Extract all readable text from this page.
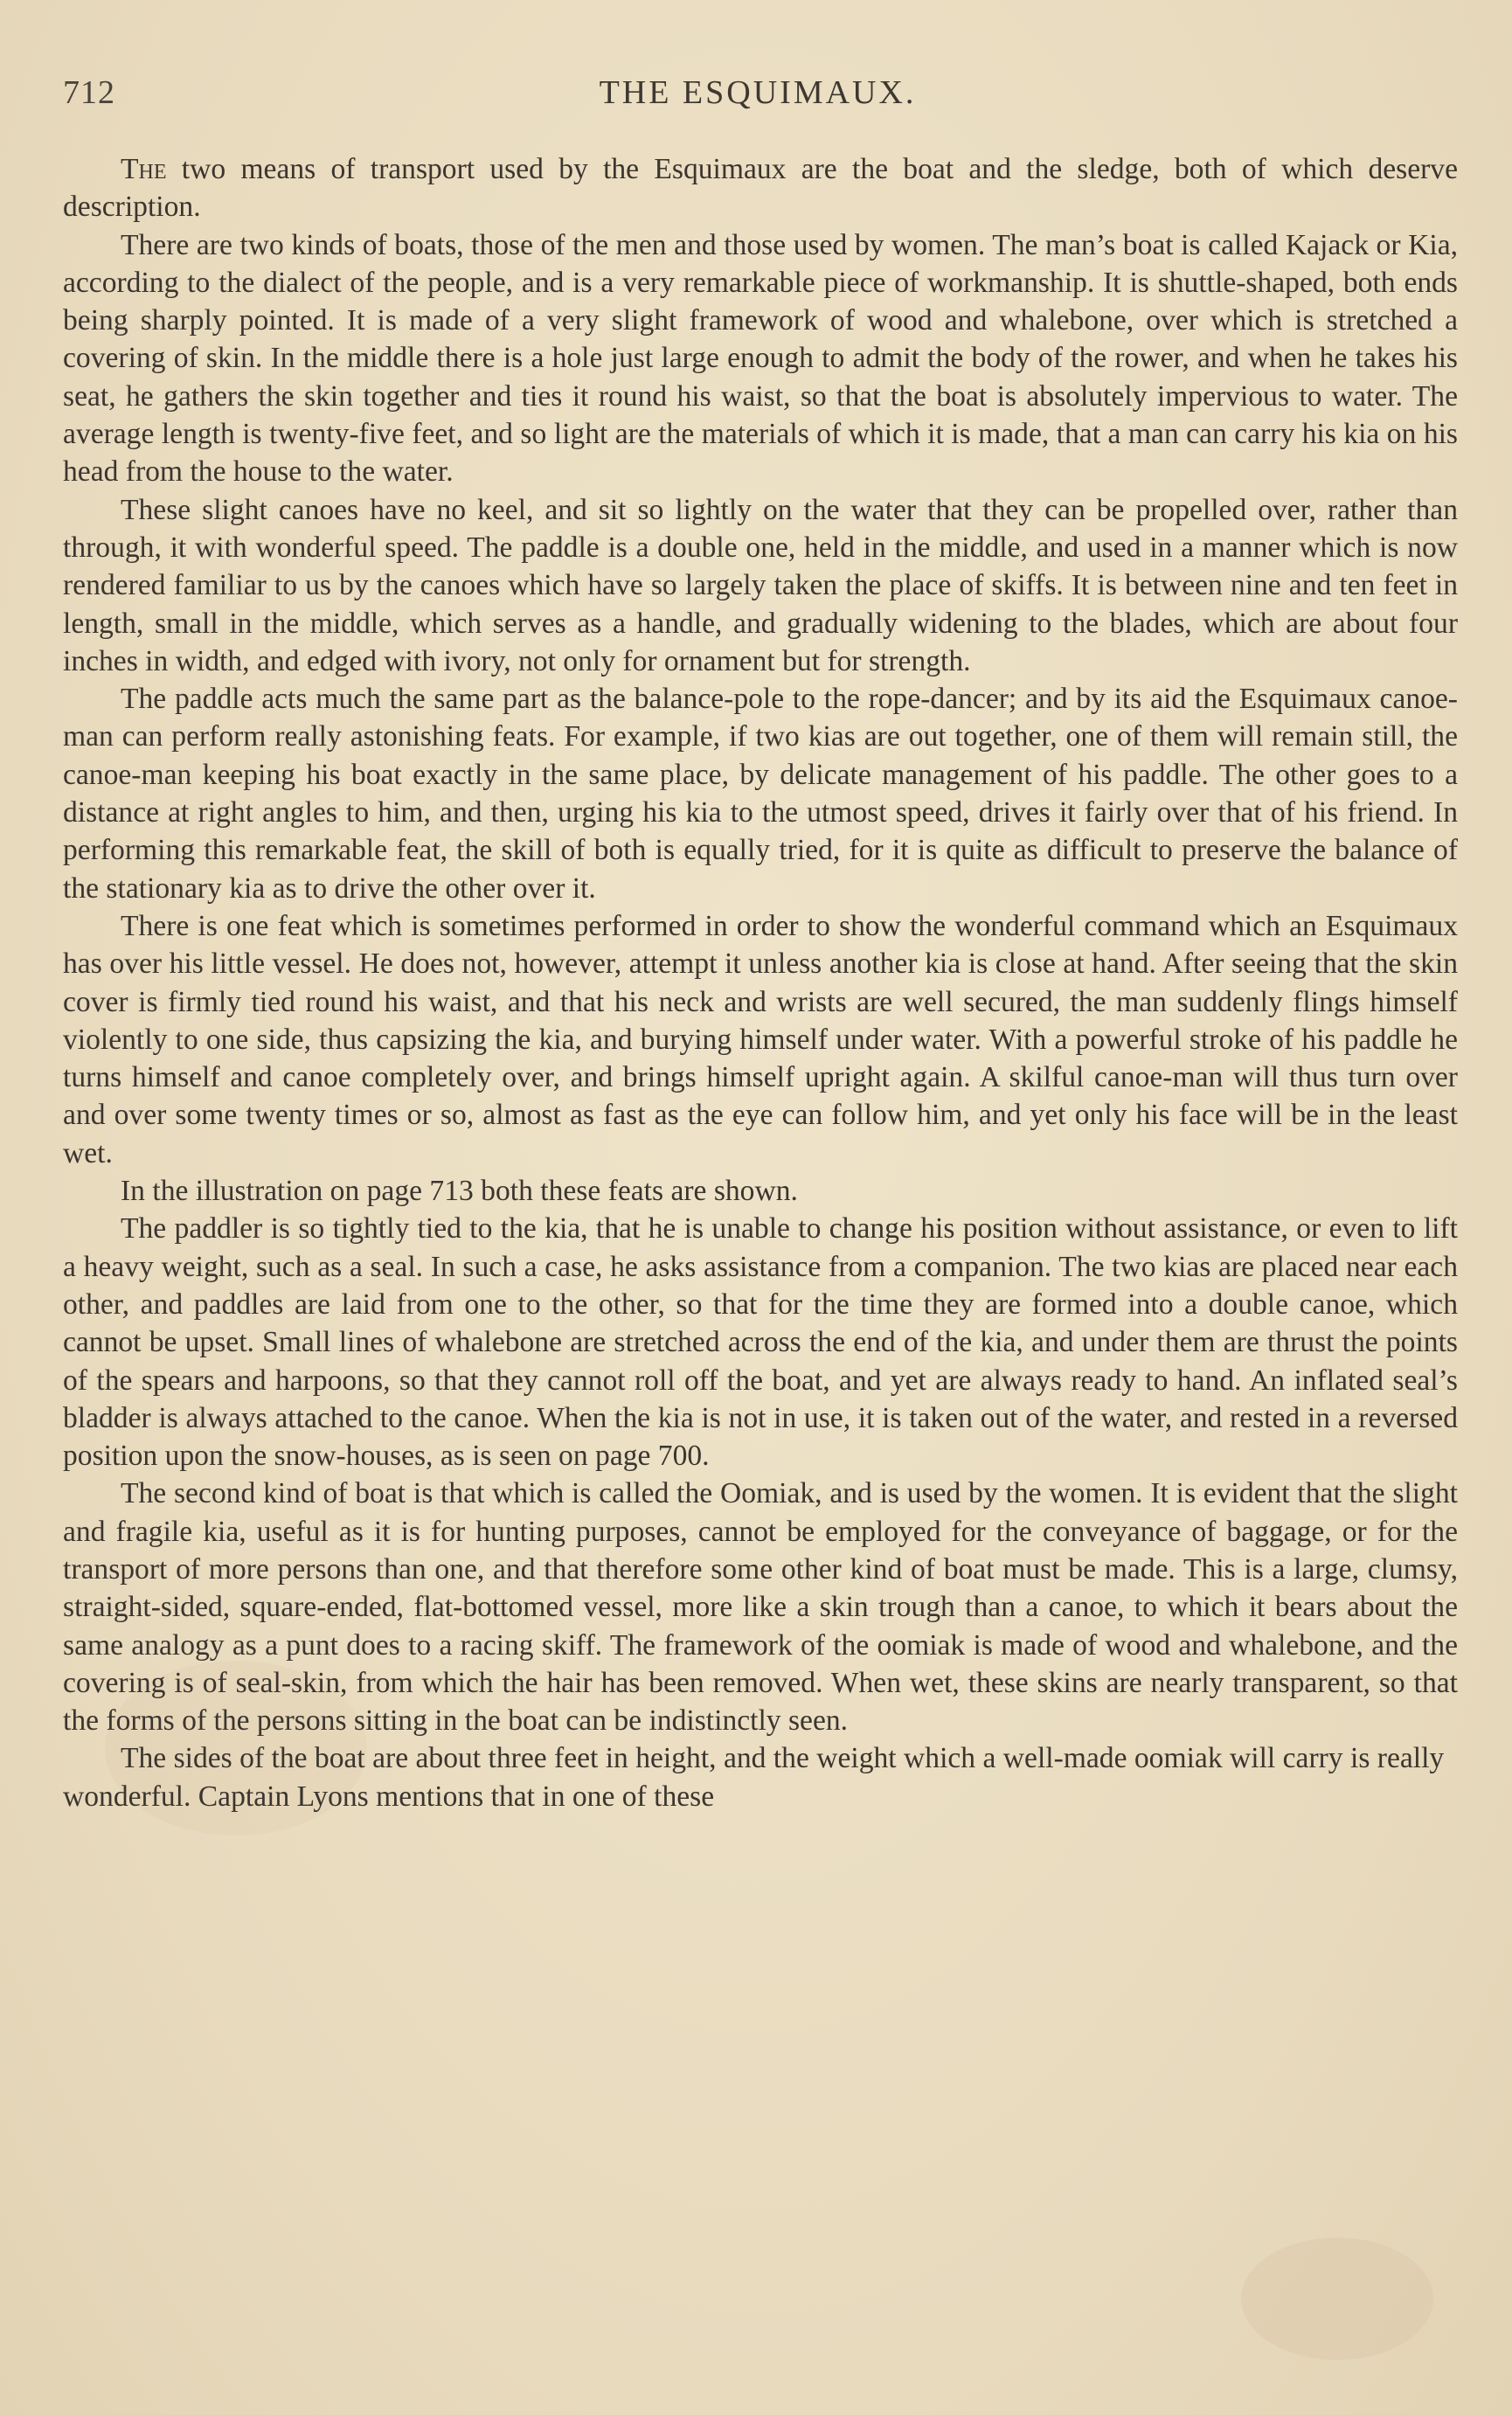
712	THE ESQUIMAUX.

The two means of transport used by the Esquimaux are the boat and the sledge, both of which deserve description.

There are two kinds of boats, those of the men and those used by women. The man’s boat is called Kajack or Kia, according to the dialect of the people, and is a very remarkable piece of workmanship. It is shuttle-shaped, both ends being sharply pointed. It is made of a very slight framework of wood and whalebone, over which is stretched a covering of skin. In the middle there is a hole just large enough to admit the body of the rower, and when he takes his seat, he gathers the skin together and ties it round his waist, so that the boat is absolutely impervious to water. The average length is twenty-five feet, and so light are the materials of which it is made, that a man can carry his kia on his head from the house to the water.

These slight canoes have no keel, and sit so lightly on the water that they can be propelled over, rather than through, it with wonderful speed. The paddle is a double one, held in the middle, and used in a manner which is now rendered familiar to us by the canoes which have so largely taken the place of skiffs. It is between nine and ten feet in length, small in the middle, which serves as a handle, and gradually widening to the blades, which are about four inches in width, and edged with ivory, not only for ornament but for strength.

The paddle acts much the same part as the balance-pole to the rope-dancer; and by its aid the Esquimaux canoe-man can perform really astonishing feats. For example, if two kias are out together, one of them will remain still, the canoe-man keeping his boat exactly in the same place, by delicate management of his paddle. The other goes to a distance at right angles to him, and then, urging his kia to the utmost speed, drives it fairly over that of his friend. In performing this remarkable feat, the skill of both is equally tried, for it is quite as difficult to preserve the balance of the stationary kia as to drive the other over it.

There is one feat which is sometimes performed in order to show the wonderful command which an Esquimaux has over his little vessel. He does not, however, attempt it unless another kia is close at hand. After seeing that the skin cover is firmly tied round his waist, and that his neck and wrists are well secured, the man suddenly flings himself violently to one side, thus capsizing the kia, and burying himself under water. With a powerful stroke of his paddle he turns himself and canoe completely over, and brings himself upright again. A skilful canoe-man will thus turn over and over some twenty times or so, almost as fast as the eye can follow him, and yet only his face will be in the least wet.

In the illustration on page 713 both these feats are shown.

The paddler is so tightly tied to the kia, that he is unable to change his position without assistance, or even to lift a heavy weight, such as a seal. In such a case, he asks assistance from a companion. The two kias are placed near each other, and paddles are laid from one to the other, so that for the time they are formed into a double canoe, which cannot be upset. Small lines of whalebone are stretched across the end of the kia, and under them are thrust the points of the spears and harpoons, so that they cannot roll off the boat, and yet are always ready to hand. An inflated seal’s bladder is always attached to the canoe. When the kia is not in use, it is taken out of the water, and rested in a reversed position upon the snow-houses, as is seen on page 700.

The second kind of boat is that which is called the Oomiak, and is used by the women. It is evident that the slight and fragile kia, useful as it is for hunting purposes, cannot be employed for the conveyance of baggage, or for the transport of more persons than one, and that therefore some other kind of boat must be made. This is a large, clumsy, straight-sided, square-ended, flat-bottomed vessel, more like a skin trough than a canoe, to which it bears about the same analogy as a punt does to a racing skiff. The framework of the oomiak is made of wood and whalebone, and the covering is of seal-skin, from which the hair has been removed. When wet, these skins are nearly transparent, so that the forms of the persons sitting in the boat can be indistinctly seen.

The sides of the boat are about three feet in height, and the weight which a well-made oomiak will carry is really wonderful. Captain Lyons mentions that in one of these
